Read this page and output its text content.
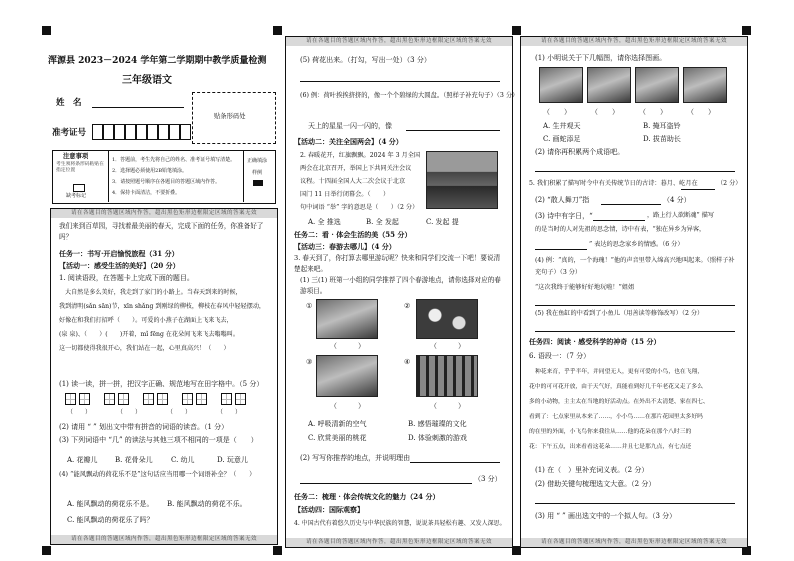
浑源县 2023－2024 学年第二学期期中教学质量检测
三年级语文
姓　名
准考证号
贴条形码处
注意事项
考生须将条形码粘贴在指定位置
缺考标记
1．答题前，考生先将自己的姓名、准考证号填写清楚。
2．选择题必须使用2B铅笔填涂。
3．请按照题号顺序在各题目的答题区域内作答。
4．保持卡面清洁，不要折叠。
正确填涂
样例
请在各题目的答题区域内作答，超出黑色矩形边框限定区域的答案无效
我们来到百草园，寻找着最美丽的春天，完成下面的任务，你准备好了吗？
任务一：书写·开启愉悦旅程（31 分）
【活动一：感受生活的美好】（20 分）
1. 阅读语段，在答题卡上完成下面的题目。
大自然是多么美好，我走到了家门的小路上。当春天到来的时候，
我到清明(sǎn sān)节，xīn shǎng 到刚绿的柳枝，柳枝在春风中轻轻摆动，
好像在和我们打招呼（　　）。可爱的小燕子在湖面上飞来飞去，
(泉 泉)、（　　）(　　)开着，mǐ fēng 在花朵间飞来飞去嗡嗡叫。
这一切都使得我很开心，我们站在一起，心里真高兴！（　　）
(1) 读一读，拼一拼，把汉字正确、规范地写在田字格中。（5 分）
（　　）	（　　）	（　　）	（　　）
(2) 请用 “ ” 划出文中带有拼音的词语的读音。（1 分）
(3) 下列词语中 “几” 的读法与其他三项不相同的一项是（　　）
A. 花瓣儿 B. 花骨朵儿	C. 幼儿	D. 玩意儿
(4) “能风飘动的荷花乐不是”这句话应当用哪一个词语补全？（　　）
A. 能风飘动的荷花乐不是。 B. 能风飘动的荷花不乐。
C. 能风飘动的荷花乐了吗？
请在各题目的答题区域内作答，超出黑色矩形边框限定区域的答案无效
请在各题目的答题区域内作答，超出黑色矩形边框限定区域的答案无效
(5) 荷花出来。（打勾，写出一处）（3 分）
(6) 例：荷叶挨挨挤挤的，像一个个碧绿的大圆盘。（照样子补充句子）（3 分）
天上的星星一闪一闪的，像
【活动二：关注全国两会】（4 分）
2. 春暖花开，红旗飘飘。2024 年 3 月全国
两会在北京召开，举国上下共同关注会议
议程。十四届全国人大二次会议于北京
国门 11 日举行闭幕会。（　　）
句中词语 “举” 字的意思是（　　）（2 分）
A. 全 推选	B. 全 发起	C. 发起 提
任务二：看 · 体会生活的美（55 分）
【活动三：春游去哪儿】（4 分）
3. 春天到了，你打算去哪里游玩呢？快来和同学们交流一下吧！要说清楚起来吧。
(1) 三(1) 班第一小组的同学推荐了四个春游地点，请你选择对应的春游项目。
①	②
（　　　）	（　　　）
③	④
（　　　）	（　　　）
A. 呼吸清新的空气	B. 感悟璀璨的文化
C. 欣赏美丽的桃花	D. 体验刺激的游戏
(2) 写写你推荐的地点，并说明理由
（3 分）
任务二：梳理 · 体会传统文化的魅力（24 分）
【活动四：国际观察】
4. 中国古代有着悠久历史与中华民族的智慧，说说茶具轻松有趣、又发人深思。
请在各题目的答题区域内作答，超出黑色矩形边框限定区域的答案无效
请在各题目的答题区域内作答，超出黑色矩形边框限定区域的答案无效
(1) 小明说关于下几幅图，请你选择图画。
（　　）	（　　）	（　　）	（　　）
A. 生井观天	B. 掩耳盗铃
C. 画蛇添足	D. 拔苗助长
(2) 请你再积累两个成语吧。
5. 我们积累了描写时令中有关传统节日的古诗：暮月、屹月在	（2 分）
(2) “散人舞刀”指	（4 分）
(3) 诗中有字日，“	，路上行人欲断魂” 描写
的是当时的人对先祖的思念情，诗中有表，“独在异乡为异客，
” 表达的思念家乡的情感。（6 分）
(4) 例：“真的，一个海瑰！”他的声音里带入绵高兴地叫起来。（照样子补充句子）（3 分）
“这次我终于能够好好地玩啦！”姐姐
(5) 我在鱼缸的中看到了小鱼儿（用善读等修饰改写）（2 分）
任务四：阅读 · 感受科学的神奇（15 分）
6. 语段一：（7 分）
种花来育，乎乎半年，并同望无人，更有可爱的小鸟，也在飞翔，
花中的可可花开放，由于天气好，真能看到好几千年老花又走了多么
多的小动物，主主太在当地的好活动点。在外出不太清楚、家在四七、
看到了：七点家里从本来了……，小小鸟……在那片花园里太多好吗
的在里的外面，小飞鸟你来我往从……他的花朵在那个八时三的
花：下午五点，出来看看这花朵……并且七是那九点，有七点还
(1) 在（　）里补充词义表。（2 分）
(2) 借助关键句梳理选文大意。（2 分）
(3) 用 “ ” 画出选文中的一个拟人句。（3 分）
请在各题目的答题区域内作答，超出黑色矩形边框限定区域的答案无效
